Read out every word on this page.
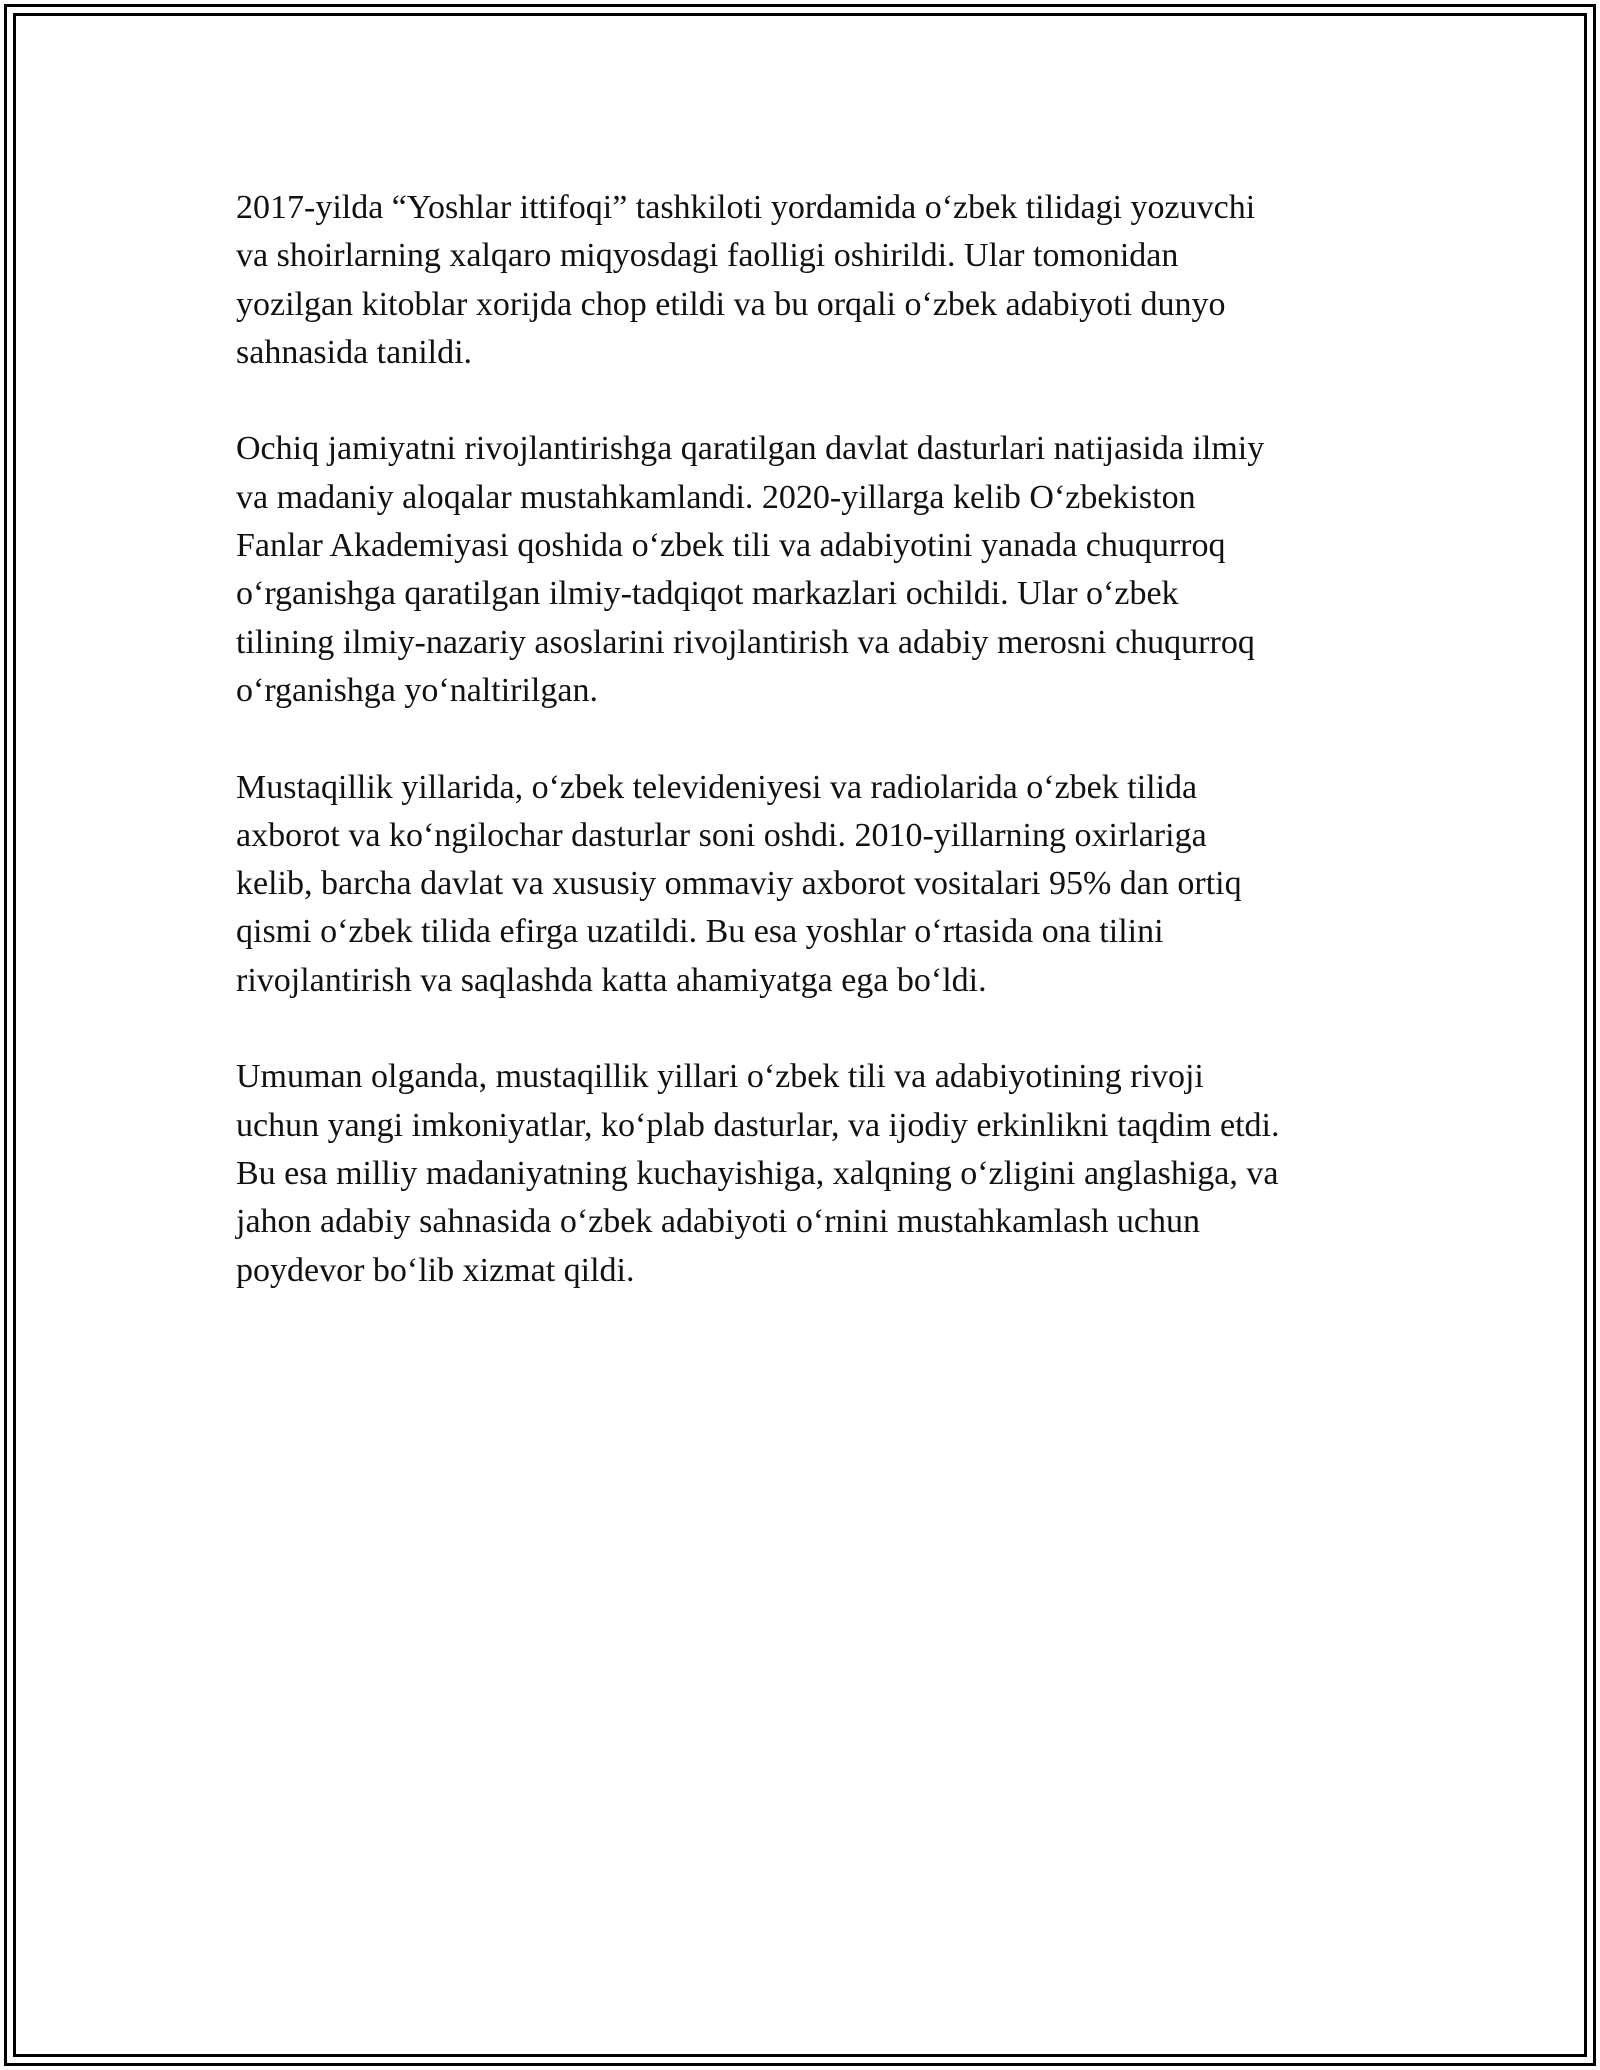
2017-yilda “Yoshlar ittifoqi” tashkiloti yordamida o‘zbek tilidagi yozuvchi
va shoirlarning xalqaro miqyosdagi faolligi oshirildi. Ular tomonidan
yozilgan kitoblar xorijda chop etildi va bu orqali o‘zbek adabiyoti dunyo
sahnasida tanildi.

Ochiq jamiyatni rivojlantirishga qaratilgan davlat dasturlari natijasida ilmiy
va madaniy aloqalar mustahkamlandi. 2020-yillarga kelib O‘zbekiston
Fanlar Akademiyasi qoshida o‘zbek tili va adabiyotini yanada chuqurroq
o‘rganishga qaratilgan ilmiy-tadqiqot markazlari ochildi. Ular o‘zbek
tilining ilmiy-nazariy asoslarini rivojlantirish va adabiy merosni chuqurroq
o‘rganishga yo‘naltirilgan.

Mustaqillik yillarida, o‘zbek televideniyesi va radiolarida o‘zbek tilida
axborot va ko‘ngilochar dasturlar soni oshdi. 2010-yillarning oxirlariga
kelib, barcha davlat va xususiy ommaviy axborot vositalari 95% dan ortiq
qismi o‘zbek tilida efirga uzatildi. Bu esa yoshlar o‘rtasida ona tilini
rivojlantirish va saqlashda katta ahamiyatga ega bo‘ldi.

Umuman olganda, mustaqillik yillari o‘zbek tili va adabiyotining rivoji
uchun yangi imkoniyatlar, ko‘plab dasturlar, va ijodiy erkinlikni taqdim etdi.
Bu esa milliy madaniyatning kuchayishiga, xalqning o‘zligini anglashiga, va
jahon adabiy sahnasida o‘zbek adabiyoti o‘rnini mustahkamlash uchun
poydevor bo‘lib xizmat qildi.
